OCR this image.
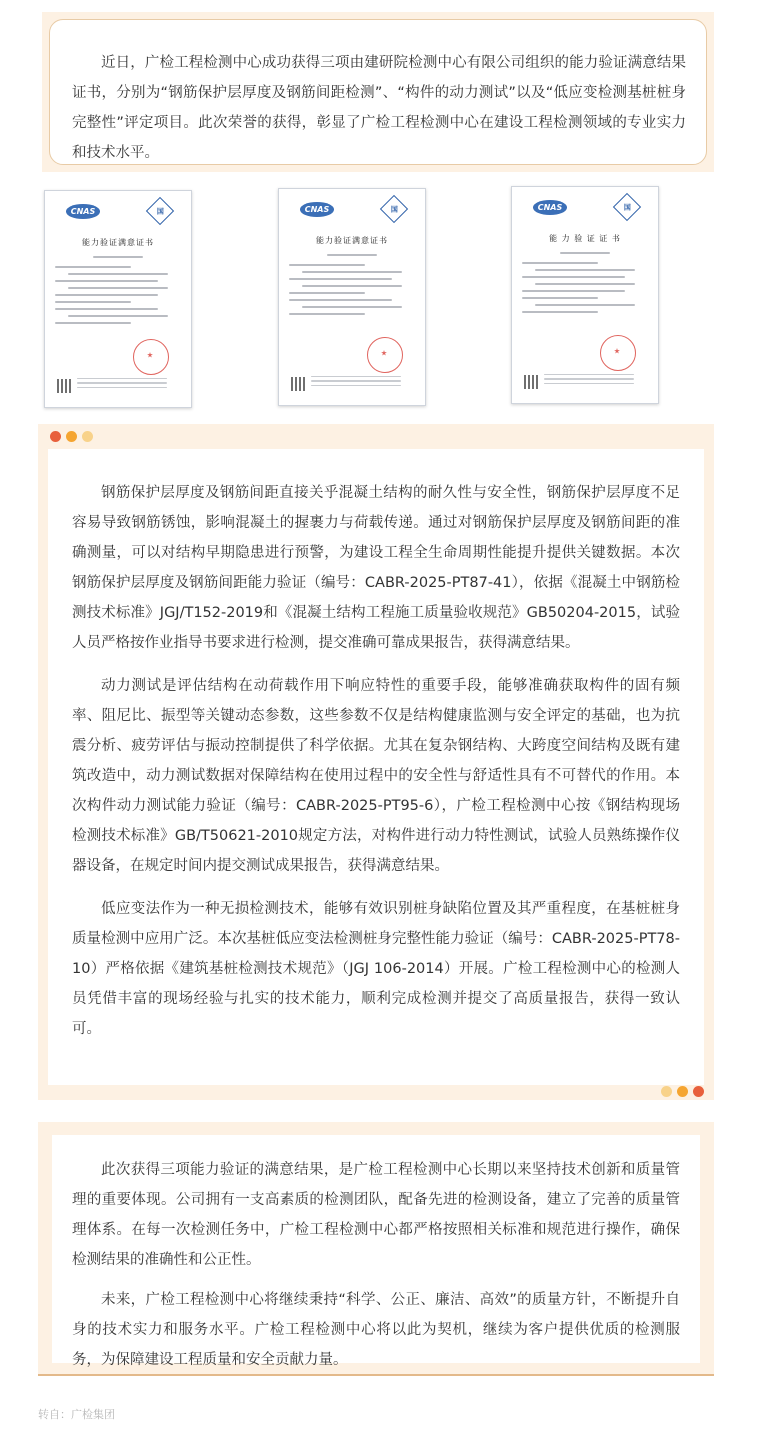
近日，广检工程检测中心成功获得三项由建研院检测中心有限公司组织的能力验证满意结果证书，分别为“钢筋保护层厚度及钢筋间距检测”、“构件的动力测试”以及“低应变检测基桩桩身完整性”评定项目。此次荣誉的获得，彰显了广检工程检测中心在建设工程检测领域的专业实力和技术水平。

CNAS	国
能力验证满意证书
CNAS	国
能力验证满意证书
CNAS	国
能 力 验 证 证 书

钢筋保护层厚度及钢筋间距直接关乎混凝土结构的耐久性与安全性，钢筋保护层厚度不足容易导致钢筋锈蚀，影响混凝土的握裹力与荷载传递。通过对钢筋保护层厚度及钢筋间距的准确测量，可以对结构早期隐患进行预警，为建设工程全生命周期性能提升提供关键数据。本次钢筋保护层厚度及钢筋间距能力验证（编号：CABR-2025-PT87-41），依据《混凝土中钢筋检测技术标准》JGJ/T152-2019和《混凝土结构工程施工质量验收规范》GB50204-2015，试验人员严格按作业指导书要求进行检测，提交准确可靠成果报告，获得满意结果。

动力测试是评估结构在动荷载作用下响应特性的重要手段，能够准确获取构件的固有频率、阻尼比、振型等关键动态参数，这些参数不仅是结构健康监测与安全评定的基础，也为抗震分析、疲劳评估与振动控制提供了科学依据。尤其在复杂钢结构、大跨度空间结构及既有建筑改造中，动力测试数据对保障结构在使用过程中的安全性与舒适性具有不可替代的作用。本次构件动力测试能力验证（编号：CABR-2025-PT95-6），广检工程检测中心按《钢结构现场检测技术标准》GB/T50621-2010规定方法，对构件进行动力特性测试，试验人员熟练操作仪器设备，在规定时间内提交测试成果报告，获得满意结果。

低应变法作为一种无损检测技术，能够有效识别桩身缺陷位置及其严重程度，在基桩桩身质量检测中应用广泛。本次基桩低应变法检测桩身完整性能力验证（编号：CABR-2025-PT78-10）严格依据《建筑基桩检测技术规范》（JGJ 106-2014）开展。广检工程检测中心的检测人员凭借丰富的现场经验与扎实的技术能力，顺利完成检测并提交了高质量报告，获得一致认可。

此次获得三项能力验证的满意结果，是广检工程检测中心长期以来坚持技术创新和质量管理的重要体现。公司拥有一支高素质的检测团队，配备先进的检测设备，建立了完善的质量管理体系。在每一次检测任务中，广检工程检测中心都严格按照相关标准和规范进行操作，确保检测结果的准确性和公正性。

未来，广检工程检测中心将继续秉持“科学、公正、廉洁、高效”的质量方针，不断提升自身的技术实力和服务水平。广检工程检测中心将以此为契机，继续为客户提供优质的检测服务，为保障建设工程质量和安全贡献力量。

转自：广检集团
